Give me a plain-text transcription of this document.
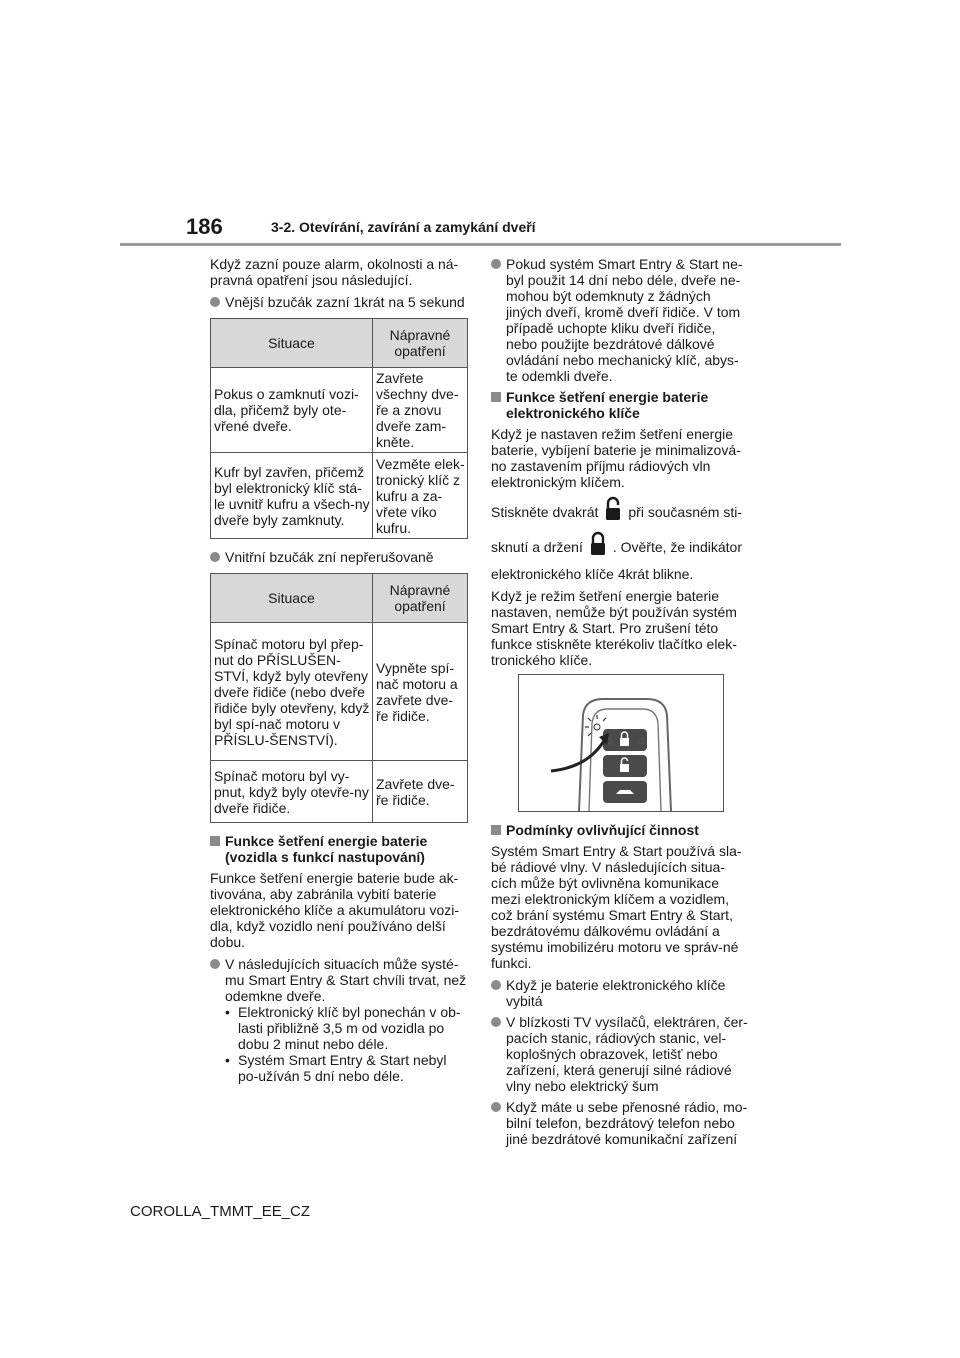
186	3-2. Otevírání, zavírání a zamykání dveří

Když zazní pouze alarm, okolnosti a ná-pravná opatření jsou následující.

Vnější bzučák zazní 1krát na 5 sekund
Situace	Nápravné opatření
Pokus o zamknutí vozi-dla, přičemž byly ote-vřené dveře.	Zavřete všechny dve-ře a znovu dveře zam-kněte.
Kufr byl zavřen, přičemž byl elektronický klíč stá-le uvnitř kufru a všech-ny dveře byly zamknuty.	Vezměte elek-tronický klíč z kufru a za-vřete víko kufru.
Vnitřní bzučák zní nepřerušovaně
Situace	Nápravné opatření
Spínač motoru byl přep-nut do PŘÍSLUŠEN-STVÍ, když byly otevřeny dveře řidiče (nebo dveře řidiče byly otevřeny, když byl spí-nač motoru v PŘÍSLU-ŠENSTVÍ).	Vypněte spí-nač motoru a zavřete dve-ře řidiče.
Spínač motoru byl vy-pnut, když byly otevře-ny dveře řidiče.	Zavřete dve-ře řidiče.
Funkce šetření energie baterie (vozidla s funkcí nastupování)

Funkce šetření energie baterie bude ak-tivována, aby zabránila vybití baterie elektronického klíče a akumulátoru vozi-dla, když vozidlo není používáno delší dobu.

V následujících situacích může systé-mu Smart Entry & Start chvíli trvat, než odemkne dveře.
• Elektronický klíč byl ponechán v ob-lasti přibližně 3,5 m od vozidla po dobu 2 minut nebo déle.
• Systém Smart Entry & Start nebyl po-užíván 5 dní nebo déle.
Pokud systém Smart Entry & Start ne-byl použit 14 dní nebo déle, dveře ne-mohou být odemknuty z žádných jiných dveří, kromě dveří řidiče. V tom případě uchopte kliku dveří řidiče, nebo použijte bezdrátové dálkové ovládání nebo mechanický klíč, abys-te odemkli dveře.
Funkce šetření energie baterie elektronického klíče

Když je nastaven režim šetření energie baterie, vybíjení baterie je minimalizová-no zastavením příjmu rádiových vln elektronickým klíčem.

Stiskněte dvakrát při současném sti-
sknutí a držení . Ověřte, že indikátor

elektronického klíče 4krát blikne.

Když je režim šetření energie baterie nastaven, nemůže být používán systém Smart Entry & Start. Pro zrušení této funkce stiskněte kterékoliv tlačítko elek-tronického klíče.

Podmínky ovlivňující činnost

Systém Smart Entry & Start používá sla-bé rádiové vlny. V následujících situa-cích může být ovlivněna komunikace mezi elektronickým klíčem a vozidlem, což brání systému Smart Entry & Start, bezdrátovému dálkovému ovládání a systému imobilizéru motoru ve správ-né funkci.

Když je baterie elektronického klíče vybitá
V blízkosti TV vysílačů, elektráren, čer-pacích stanic, rádiových stanic, vel-koplošných obrazovek, letišť nebo zařízení, která generují silné rádiové vlny nebo elektrický šum
Když máte u sebe přenosné rádio, mo-bilní telefon, bezdrátový telefon nebo jiné bezdrátové komunikační zařízení
COROLLA_TMMT_EE_CZ
